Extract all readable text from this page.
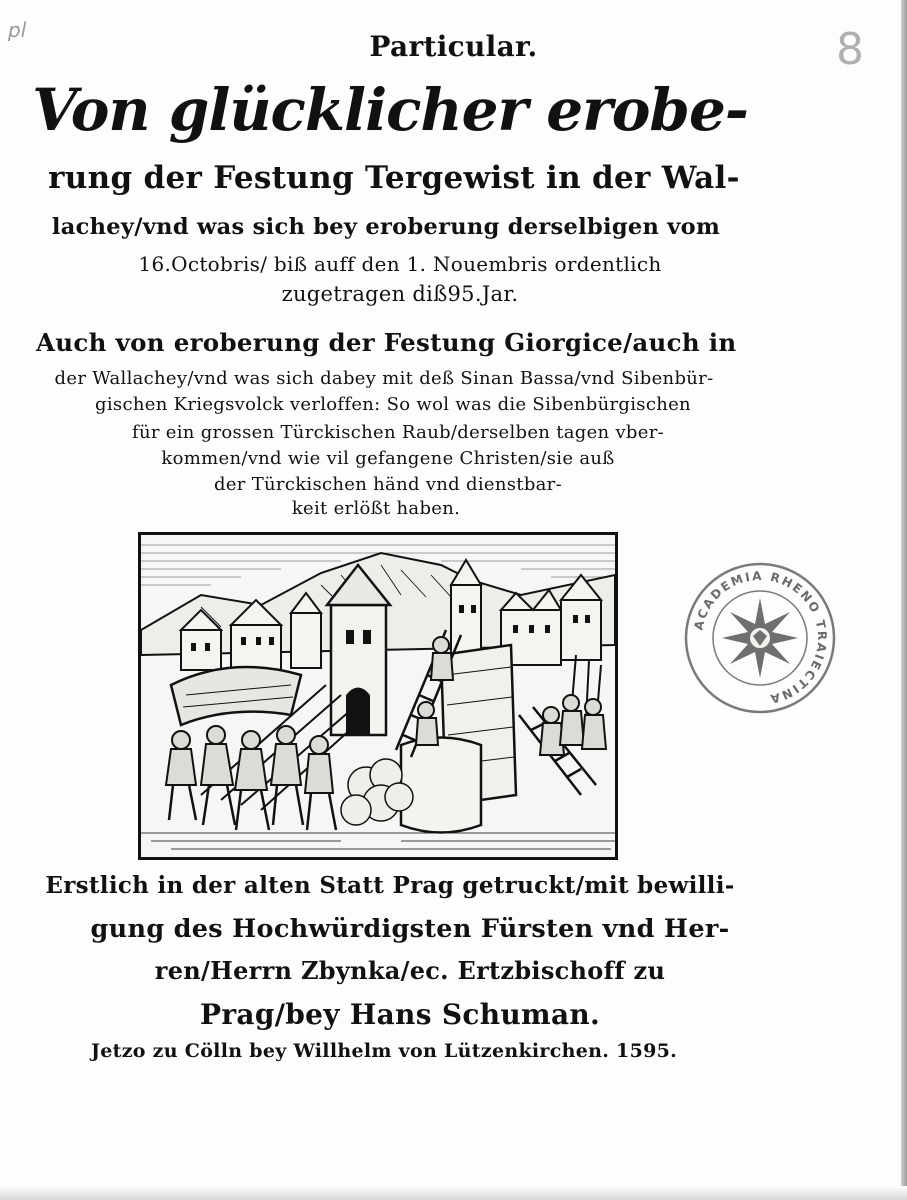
pl	8
Particular.
Von glücklicher erobe-
rung der Festung Tergewist in der Wal-
lachey/vnd was sich bey eroberung derselbigen vom
16.Octobris/ biß auff den 1. Nouembris ordentlich
zugetragen diß95.Jar.
Auch von eroberung der Festung Giorgice/auch in
der Wallachey/vnd was sich dabey mit deß Sinan Bassa/vnd Sibenbür-
gischen Kriegsvolck verloffen: So wol was die Sibenbürgischen
für ein grossen Türckischen Raub/derselben tagen vber-
kommen/vnd wie vil gefangene Christen/sie auß
der Türckischen händ vnd dienstbar-
keit erlößt haben.
ACADEMIA RHENO TRAIECTINA
Erstlich in der alten Statt Prag getruckt/mit bewilli-
gung des Hochwürdigsten Fürsten vnd Her-
ren/Herrn Zbynka/ec. Ertzbischoff zu
Prag/bey Hans Schuman.
Jetzo zu Cölln bey Willhelm von Lützenkirchen. 1595.
